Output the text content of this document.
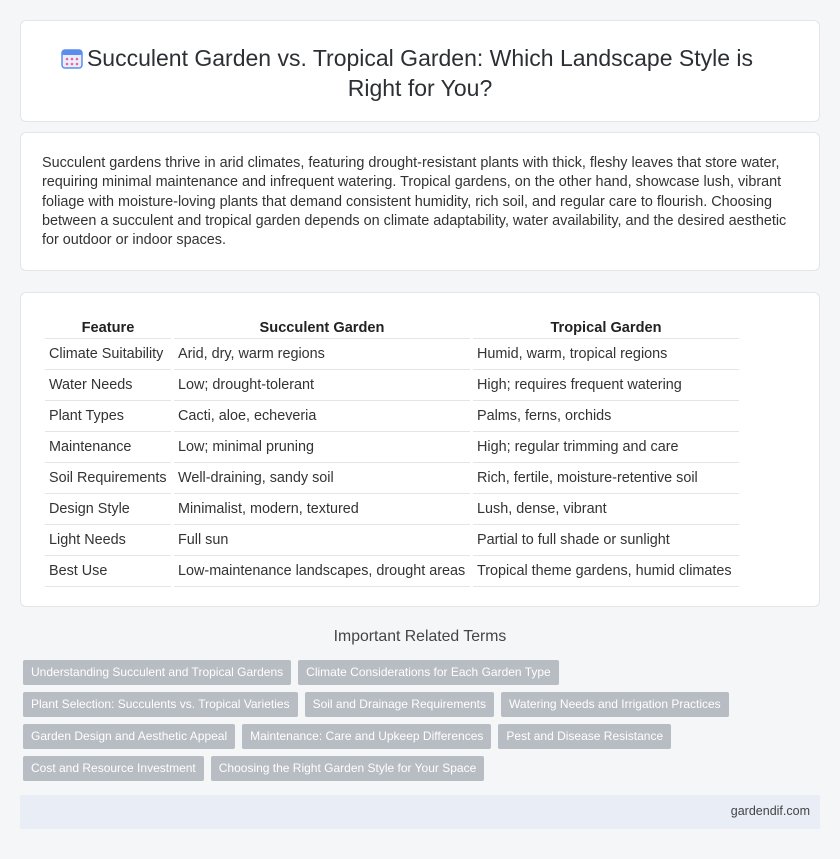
Succulent Garden vs. Tropical Garden: Which Landscape Style is
Right for You?

Succulent gardens thrive in arid climates, featuring drought-resistant plants with thick, fleshy leaves that store water, requiring minimal maintenance and infrequent watering. Tropical gardens, on the other hand, showcase lush, vibrant foliage with moisture-loving plants that demand consistent humidity, rich soil, and regular care to flourish. Choosing between a succulent and tropical garden depends on climate adaptability, water availability, and the desired aesthetic for outdoor or indoor spaces.

Feature	Succulent Garden	Tropical Garden
Climate Suitability	Arid, dry, warm regions	Humid, warm, tropical regions
Water Needs	Low; drought-tolerant	High; requires frequent watering
Plant Types	Cacti, aloe, echeveria	Palms, ferns, orchids
Maintenance	Low; minimal pruning	High; regular trimming and care
Soil Requirements	Well-draining, sandy soil	Rich, fertile, moisture-retentive soil
Design Style	Minimalist, modern, textured	Lush, dense, vibrant
Light Needs	Full sun	Partial to full shade or sunlight
Best Use	Low-maintenance landscapes, drought areas	Tropical theme gardens, humid climates
Important Related Terms
Understanding Succulent and Tropical Gardens	Climate Considerations for Each Garden Type
Plant Selection: Succulents vs. Tropical Varieties	Soil and Drainage Requirements	Watering Needs and Irrigation Practices
Garden Design and Aesthetic Appeal	Maintenance: Care and Upkeep Differences	Pest and Disease Resistance
Cost and Resource Investment	Choosing the Right Garden Style for Your Space
gardendif.com
